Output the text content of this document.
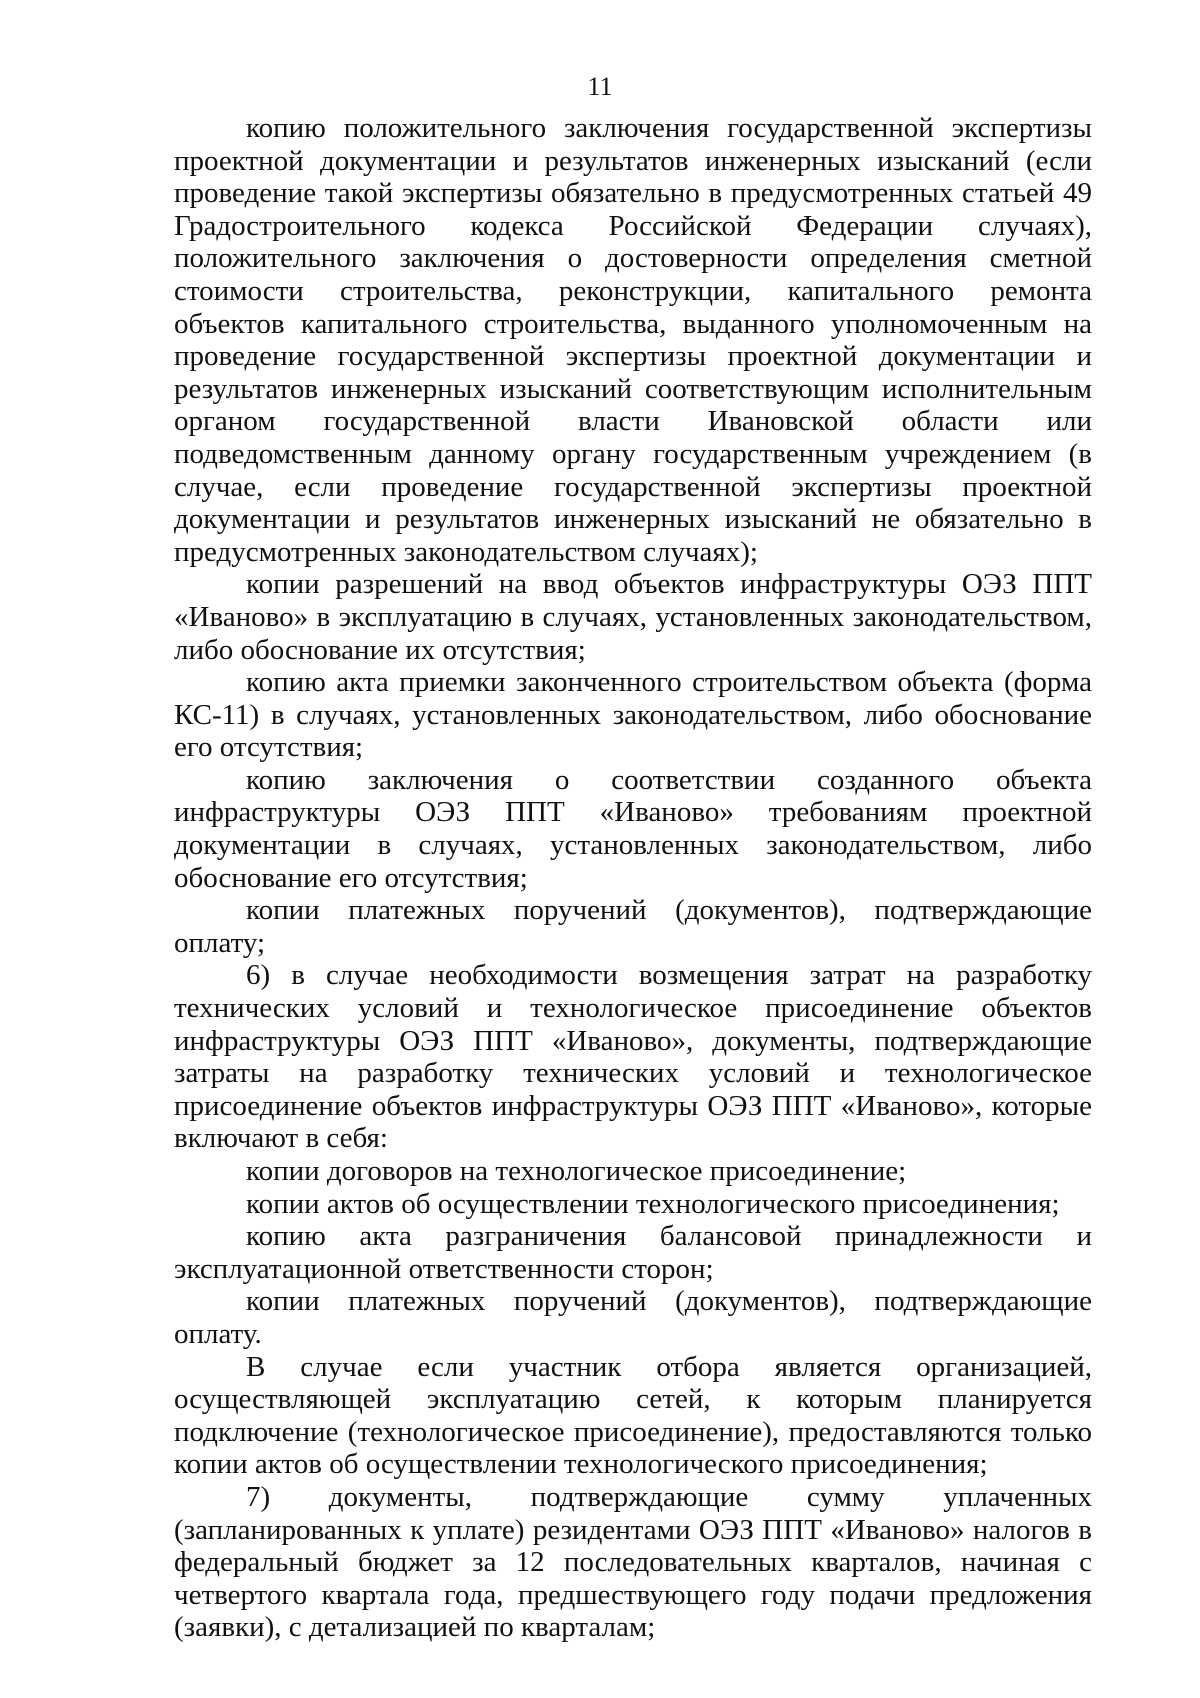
11

копию положительного заключения государственной экспертизы проектной документации и результатов инженерных изысканий (если проведение такой экспертизы обязательно в предусмотренных статьей 49 Градостроительного кодекса Российской Федерации случаях), положительного заключения о достоверности определения сметной стоимости строительства, реконструкции, капитального ремонта объектов капитального строительства, выданного уполномоченным на проведение государственной экспертизы проектной документации и результатов инженерных изысканий соответствующим исполнительным органом государственной власти Ивановской области или подведомственным данному органу государственным учреждением (в случае, если проведение государственной экспертизы проектной документации и результатов инженерных изысканий не обязательно в предусмотренных законодательством случаях);

копии разрешений на ввод объектов инфраструктуры ОЭЗ ППТ «Иваново» в эксплуатацию в случаях, установленных законодательством, либо обоснование их отсутствия;

копию акта приемки законченного строительством объекта (форма КС-11) в случаях, установленных законодательством, либо обоснование его отсутствия;

копию заключения о соответствии созданного объекта инфраструктуры ОЭЗ ППТ «Иваново» требованиям проектной документации в случаях, установленных законодательством, либо обоснование его отсутствия;

копии платежных поручений (документов), подтверждающие оплату;

6) в случае необходимости возмещения затрат на разработку технических условий и технологическое присоединение объектов инфраструктуры ОЭЗ ППТ «Иваново», документы, подтверждающие затраты на разработку технических условий и технологическое присоединение объектов инфраструктуры ОЭЗ ППТ «Иваново», которые включают в себя:

копии договоров на технологическое присоединение;

копии актов об осуществлении технологического присоединения;

копию акта разграничения балансовой принадлежности и эксплуатационной ответственности сторон;

копии платежных поручений (документов), подтверждающие оплату.

В случае если участник отбора является организацией, осуществляющей эксплуатацию сетей, к которым планируется подключение (технологическое присоединение), предоставляются только копии актов об осуществлении технологического присоединения;

7) документы, подтверждающие сумму уплаченных (запланированных к уплате) резидентами ОЭЗ ППТ «Иваново» налогов в федеральный бюджет за 12 последовательных кварталов, начиная с четвертого квартала года, предшествующего году подачи предложения (заявки), с детализацией по кварталам;
